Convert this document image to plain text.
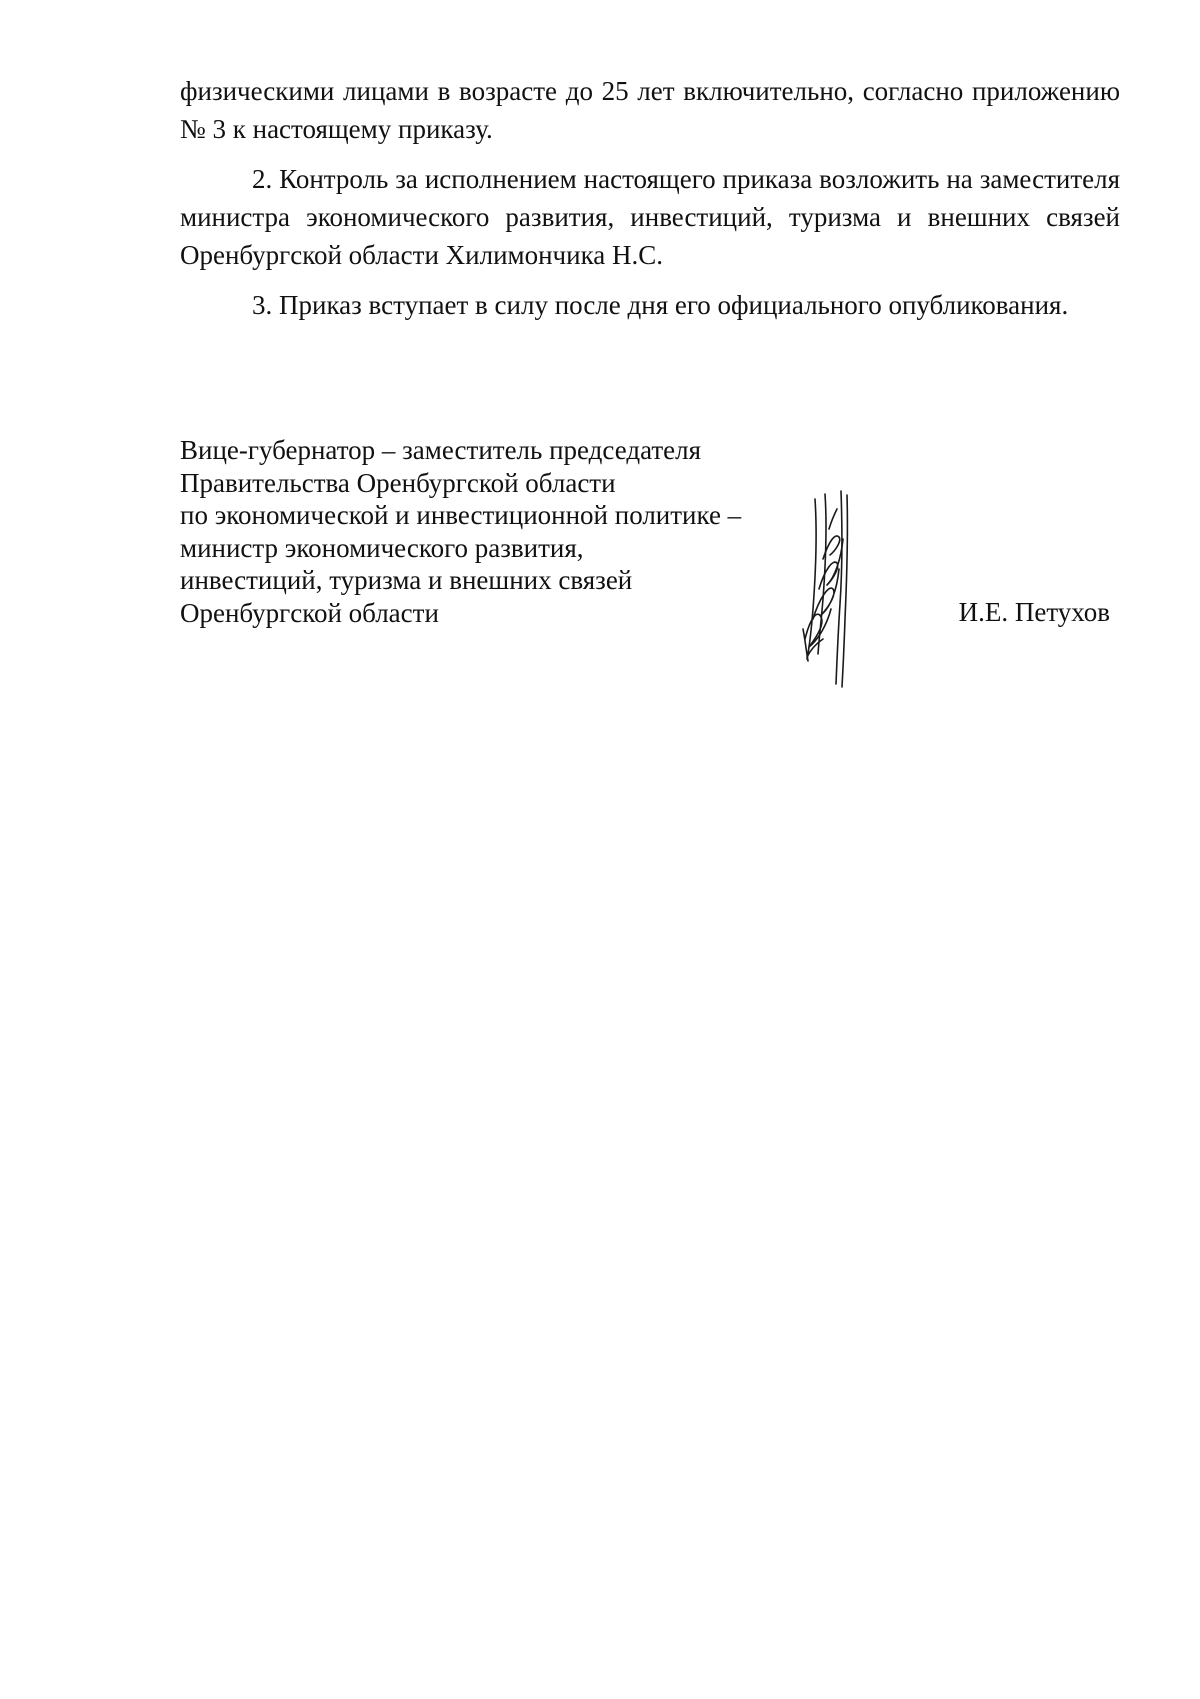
физическими лицами в возрасте до 25 лет включительно, согласно приложению № 3 к настоящему приказу.

2. Контроль за исполнением настоящего приказа возложить на заместителя министра экономического развития, инвестиций, туризма и внешних связей Оренбургской области Хилимончика Н.С.

3. Приказ вступает в силу после дня его официального опубликования.

Вице-губернатор – заместитель председателя
Правительства Оренбургской области
по экономической и инвестиционной политике –
министр экономического развития,
инвестиций, туризма и внешних связей
Оренбургской области	И.Е. Петухов
